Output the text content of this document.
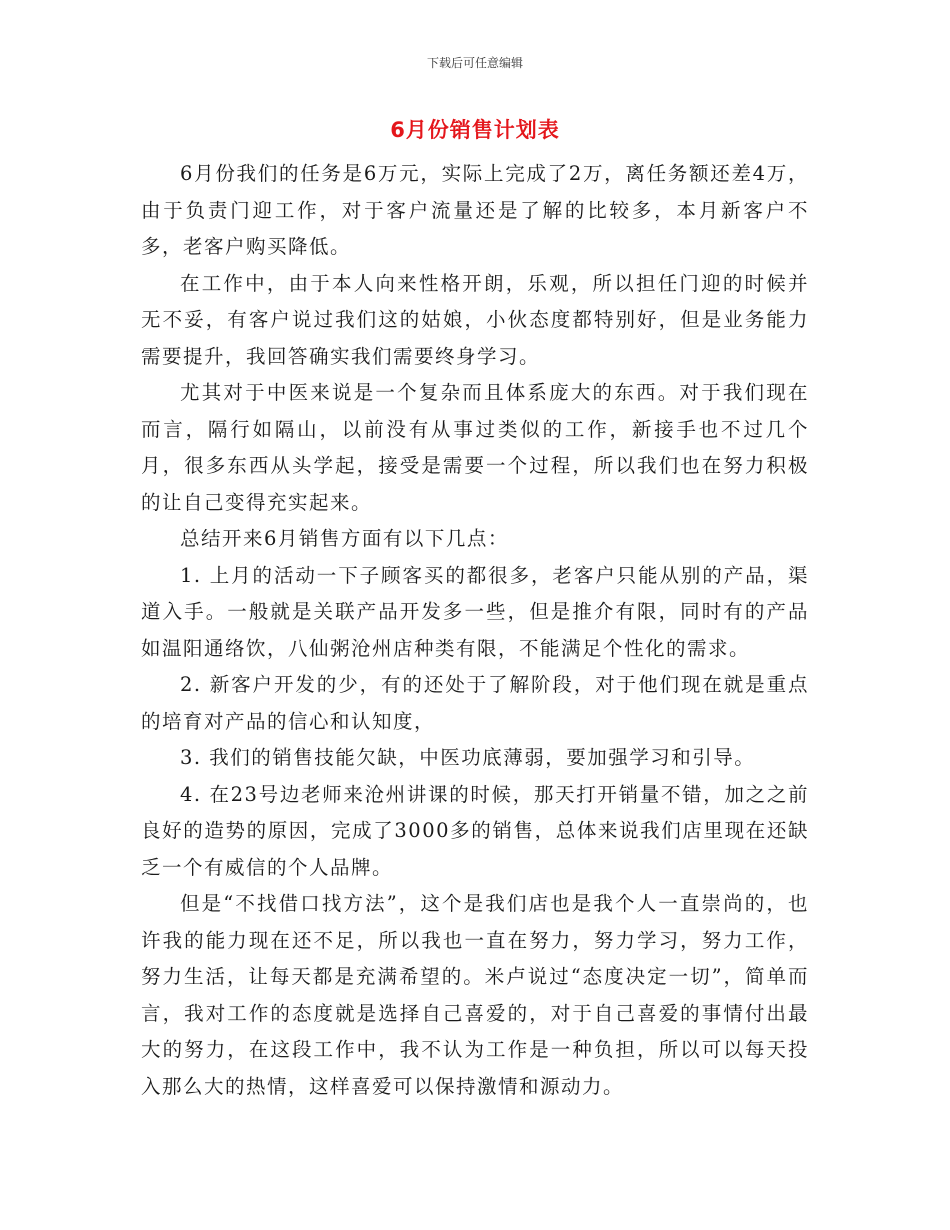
下载后可任意编辑
6月份销售计划表

6月份我们的任务是6万元，实际上完成了2万，离任务额还差4万，由于负责门迎工作，对于客户流量还是了解的比较多，本月新客户不多，老客户购买降低。

在工作中，由于本人向来性格开朗，乐观，所以担任门迎的时候并无不妥，有客户说过我们这的姑娘，小伙态度都特别好，但是业务能力需要提升，我回答确实我们需要终身学习。

尤其对于中医来说是一个复杂而且体系庞大的东西。对于我们现在而言，隔行如隔山，以前没有从事过类似的工作，新接手也不过几个月，很多东西从头学起，接受是需要一个过程，所以我们也在努力积极的让自己变得充实起来。

总结开来6月销售方面有以下几点：

1. 上月的活动一下子顾客买的都很多，老客户只能从别的产品，渠道入手。一般就是关联产品开发多一些，但是推介有限，同时有的产品如温阳通络饮，八仙粥沧州店种类有限，不能满足个性化的需求。

2. 新客户开发的少，有的还处于了解阶段，对于他们现在就是重点的培育对产品的信心和认知度，

3. 我们的销售技能欠缺，中医功底薄弱，要加强学习和引导。

4. 在23号边老师来沧州讲课的时候，那天打开销量不错，加之之前良好的造势的原因，完成了3000多的销售，总体来说我们店里现在还缺乏一个有威信的个人品牌。

但是“不找借口找方法”，这个是我们店也是我个人一直崇尚的，也许我的能力现在还不足，所以我也一直在努力，努力学习，努力工作，努力生活，让每天都是充满希望的。米卢说过“态度决定一切”，简单而言，我对工作的态度就是选择自己喜爱的，对于自己喜爱的事情付出最大的努力，在这段工作中，我不认为工作是一种负担，所以可以每天投入那么大的热情，这样喜爱可以保持激情和源动力。
